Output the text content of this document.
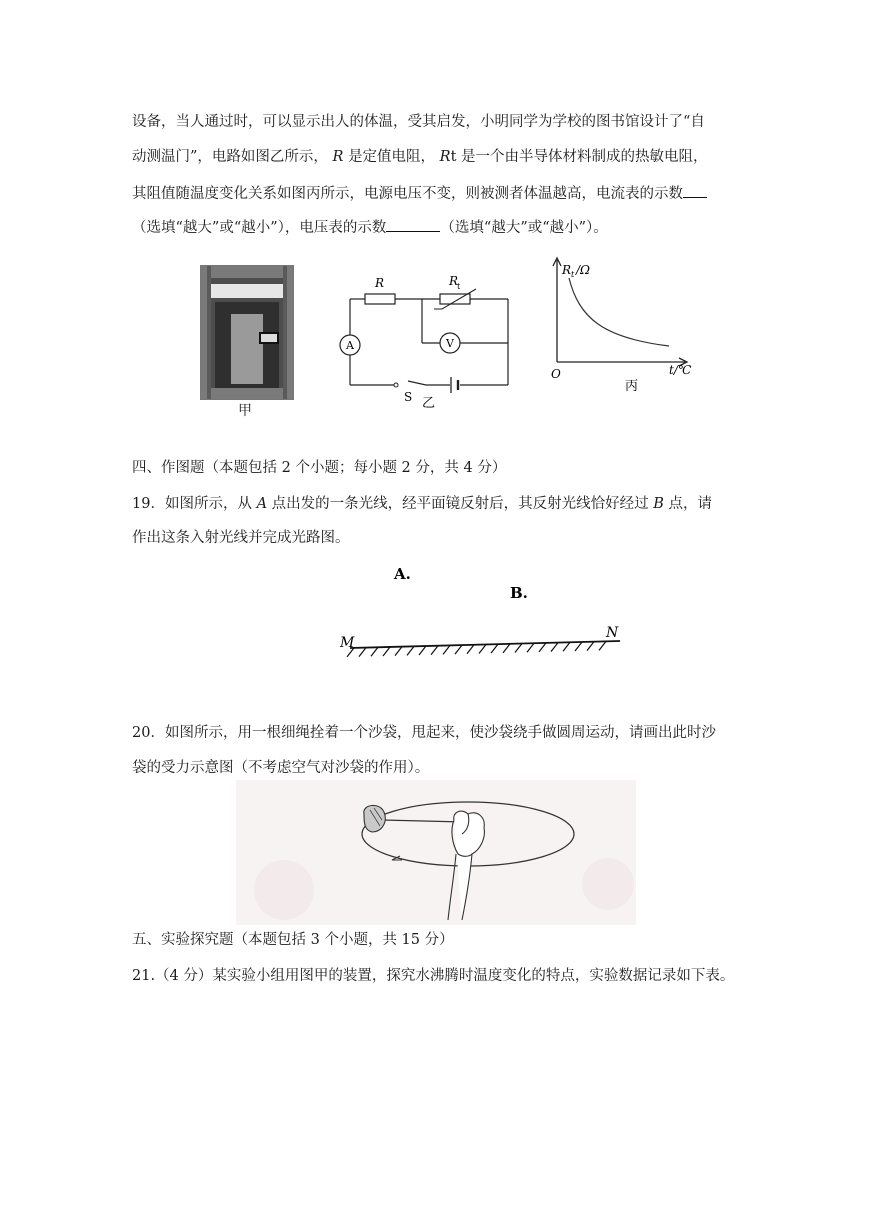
设备，当人通过时，可以显示出人的体温，受其启发，小明同学为学校的图书馆设计了“自
动测温门”，电路如图乙所示， R 是定值电阻， Rt 是一个由半导体材料制成的热敏电阻，
其阻值随温度变化关系如图丙所示，电源电压不变，则被测者体温越高，电流表的示数
（选填“越大”或“越小”），电压表的示数	（选填“越大”或“越小”）。
甲
R	R
t
A	V
S 乙
R t /Ω
O	t/℃
丙
四、作图题（本题包括 2 个小题；每小题 2 分，共 4 分）
19．如图所示，从 A 点出发的一条光线，经平面镜反射后，其反射光线恰好经过 B 点，请
作出这条入射光线并完成光路图。
A.
B.
M
N
20．如图所示，用一根细绳拴着一个沙袋，甩起来，使沙袋绕手做圆周运动，请画出此时沙
袋的受力示意图（不考虑空气对沙袋的作用）。
五、实验探究题（本题包括 3 个小题，共 15 分）
21.（4 分）某实验小组用图甲的装置，探究水沸腾时温度变化的特点，实验数据记录如下表。
